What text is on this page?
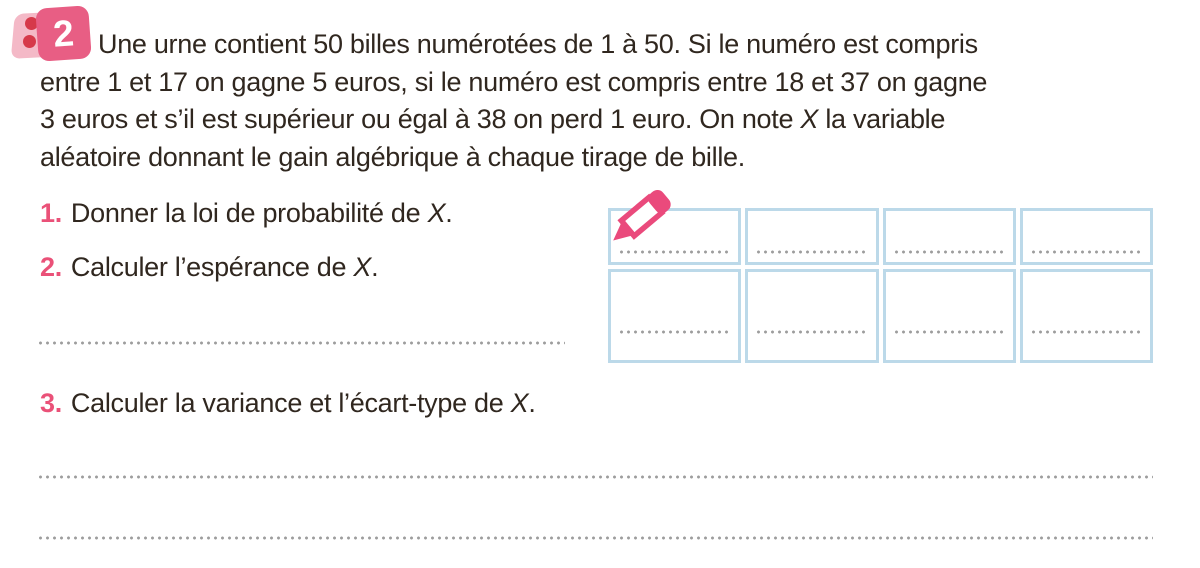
2 Une urne contient 50 billes numérotées de 1 à 50. Si le numéro est compris
entre 1 et 17 on gagne 5 euros, si le numéro est compris entre 18 et 37 on gagne
3 euros et s’il est supérieur ou égal à 38 on perd 1 euro. On note X la variable
aléatoire donnant le gain algébrique à chaque tirage de bille.
1. Donner la loi de probabilité de X.
2. Calculer l’espérance de X.
3. Calculer la variance et l’écart-type de X.
